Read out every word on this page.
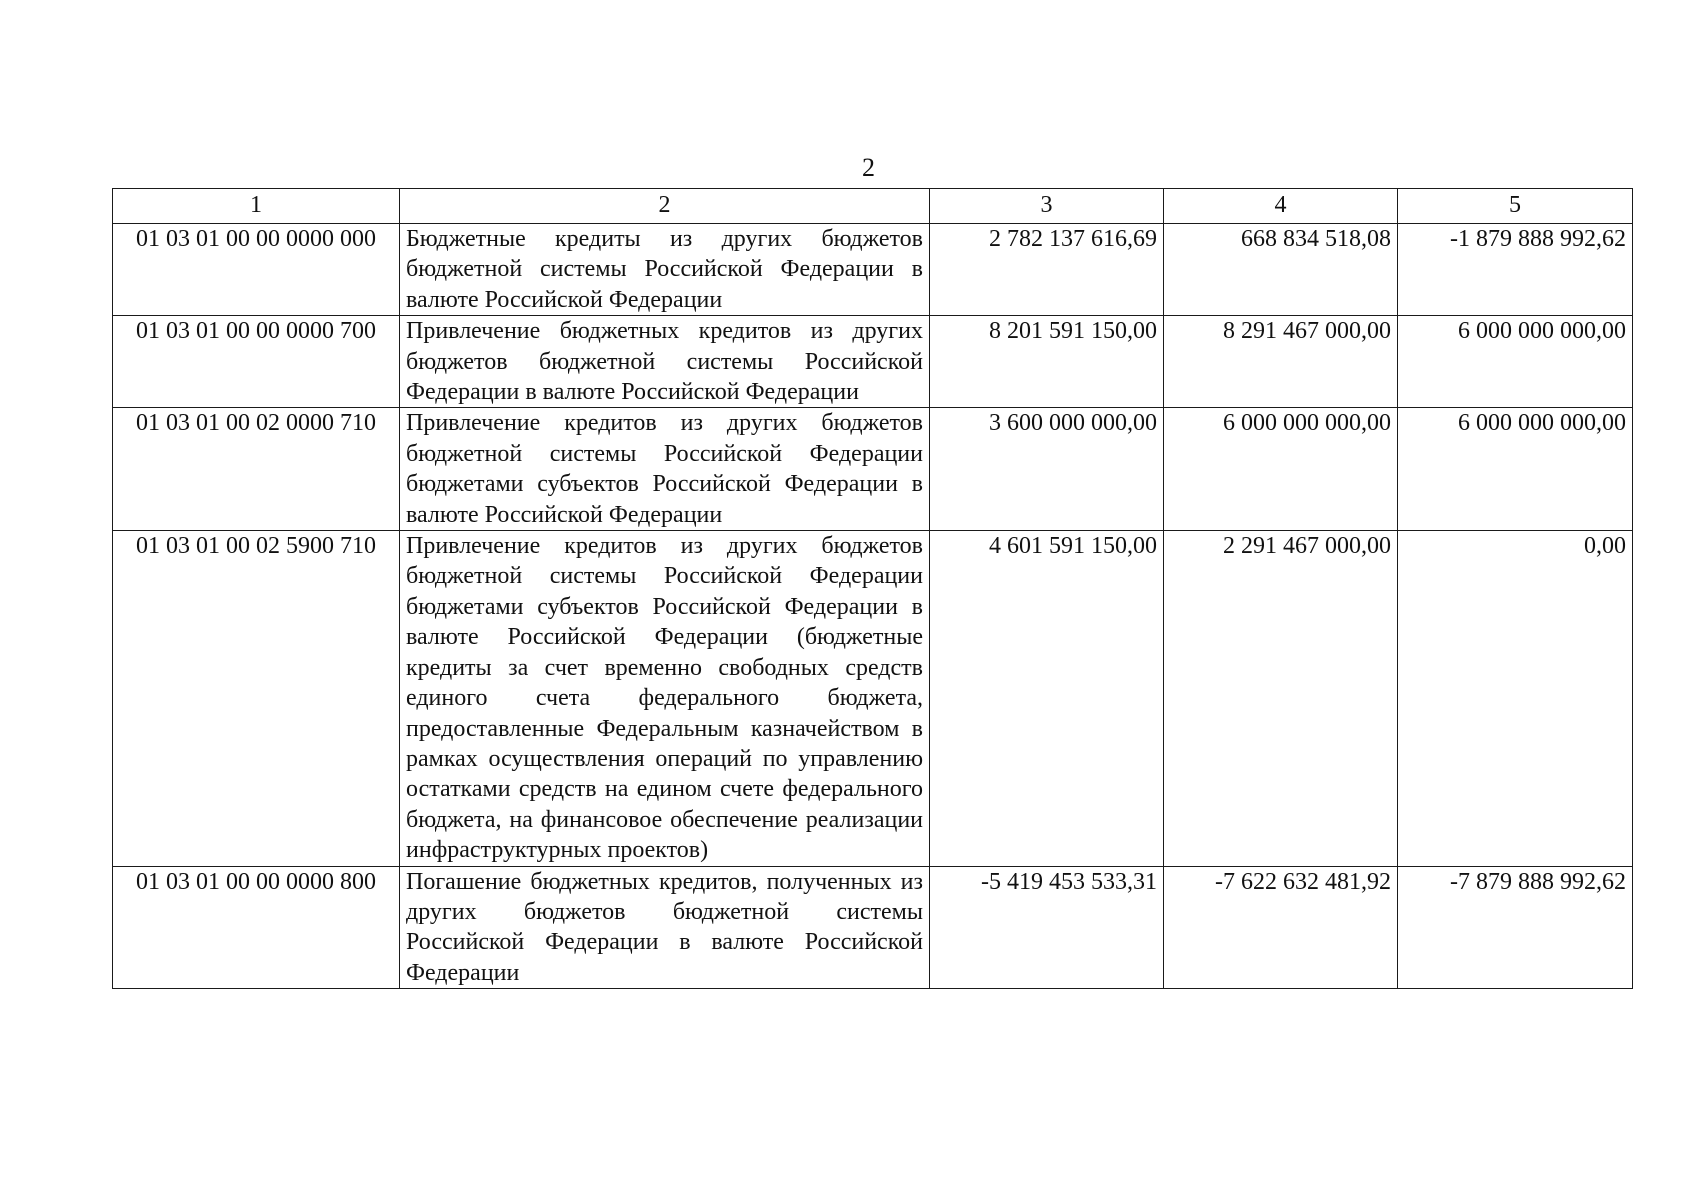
2
1	2	3	4	5
01 03 01 00 00 0000 000	Бюджетные кредиты из других бюджетов бюджетной системы Российской Федерации в валюте Российской Федерации	2 782 137 616,69	668 834 518,08	-1 879 888 992,62
01 03 01 00 00 0000 700	Привлечение бюджетных кредитов из других бюджетов бюджетной системы Российской Федерации в валюте Российской Федерации	8 201 591 150,00	8 291 467 000,00	6 000 000 000,00
01 03 01 00 02 0000 710	Привлечение кредитов из других бюджетов бюджетной системы Российской Федерации бюджетами субъектов Российской Федерации в валюте Российской Федерации	3 600 000 000,00	6 000 000 000,00	6 000 000 000,00
01 03 01 00 02 5900 710	Привлечение кредитов из других бюджетов бюджетной системы Российской Федерации бюджетами субъектов Российской Федерации в валюте Российской Федерации (бюджетные кредиты за счет временно свободных средств единого счета федерального бюджета, предоставленные Федеральным казначейством в рамках осуществления операций по управлению остатками средств на едином счете федерального бюджета, на финансовое обеспечение реализации инфраструктурных проектов)	4 601 591 150,00	2 291 467 000,00	0,00
01 03 01 00 00 0000 800	Погашение бюджетных кредитов, полученных из других бюджетов бюджетной системы Российской Федерации в валюте Российской Федерации	-5 419 453 533,31	-7 622 632 481,92	-7 879 888 992,62
